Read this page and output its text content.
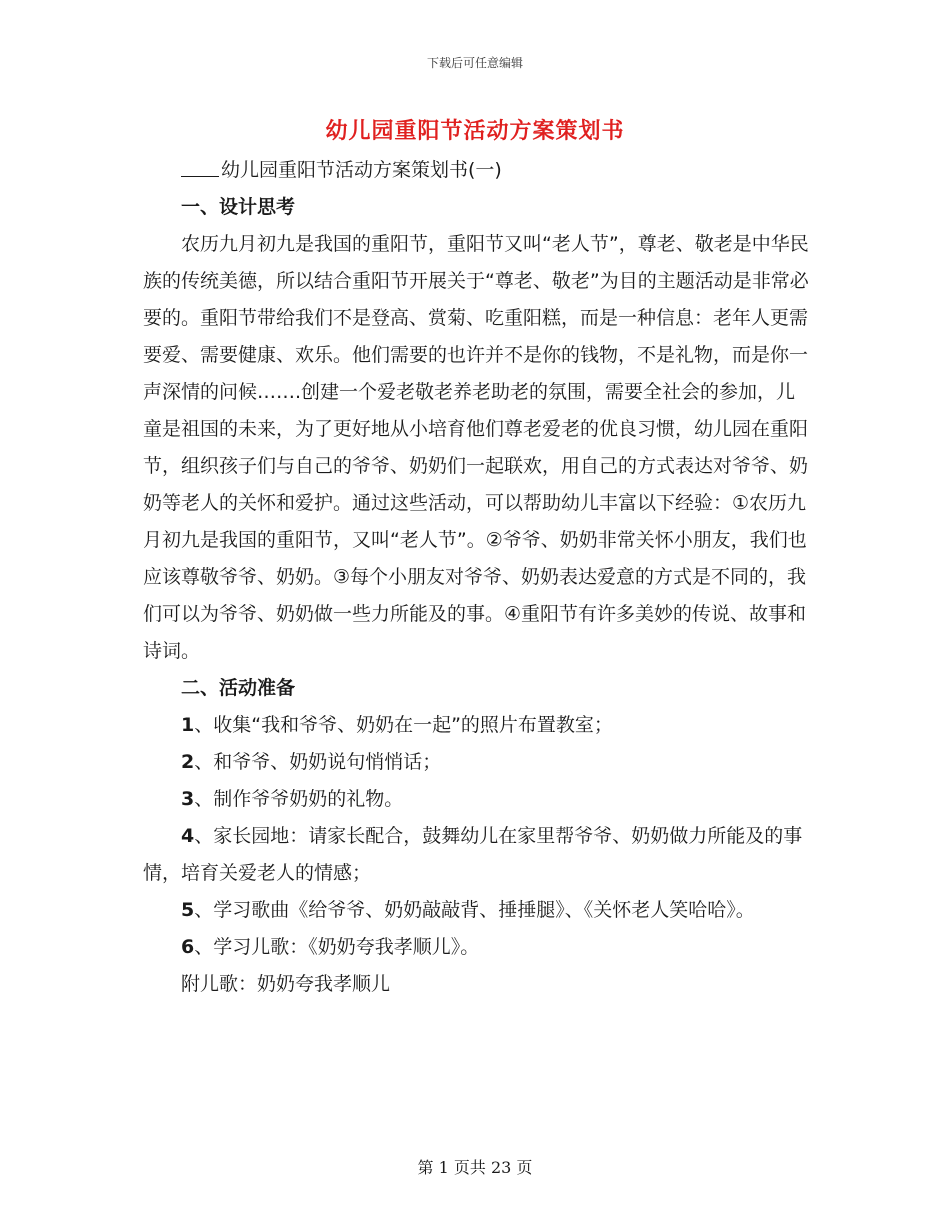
下载后可任意编辑
幼儿园重阳节活动方案策划书

幼儿园重阳节活动方案策划书(一)

一、设计思考

农历九月初九是我国的重阳节，重阳节又叫“老人节”，尊老、敬老是中华民族的传统美德，所以结合重阳节开展关于“尊老、敬老”为目的主题活动是非常必要的。重阳节带给我们不是登高、赏菊、吃重阳糕，而是一种信息：老年人更需要爱、需要健康、欢乐。他们需要的也许并不是你的钱物，不是礼物，而是你一声深情的问候…….创建一个爱老敬老养老助老的氛围，需要全社会的参加，儿童是祖国的未来，为了更好地从小培育他们尊老爱老的优良习惯，幼儿园在重阳节，组织孩子们与自己的爷爷、奶奶们一起联欢，用自己的方式表达对爷爷、奶奶等老人的关怀和爱护。通过这些活动，可以帮助幼儿丰富以下经验：①农历九月初九是我国的重阳节，又叫“老人节”。②爷爷、奶奶非常关怀小朋友，我们也应该尊敬爷爷、奶奶。③每个小朋友对爷爷、奶奶表达爱意的方式是不同的，我们可以为爷爷、奶奶做一些力所能及的事。④重阳节有许多美妙的传说、故事和诗词。

二、活动准备

1、收集“我和爷爷、奶奶在一起”的照片布置教室；

2、和爷爷、奶奶说句悄悄话；

3、制作爷爷奶奶的礼物。

4、家长园地：请家长配合，鼓舞幼儿在家里帮爷爷、奶奶做力所能及的事情，培育关爱老人的情感；

5、学习歌曲《给爷爷、奶奶敲敲背、捶捶腿》、《关怀老人笑哈哈》。

6、学习儿歌：《奶奶夸我孝顺儿》。

附儿歌：奶奶夸我孝顺儿

第 1 页共 23 页
